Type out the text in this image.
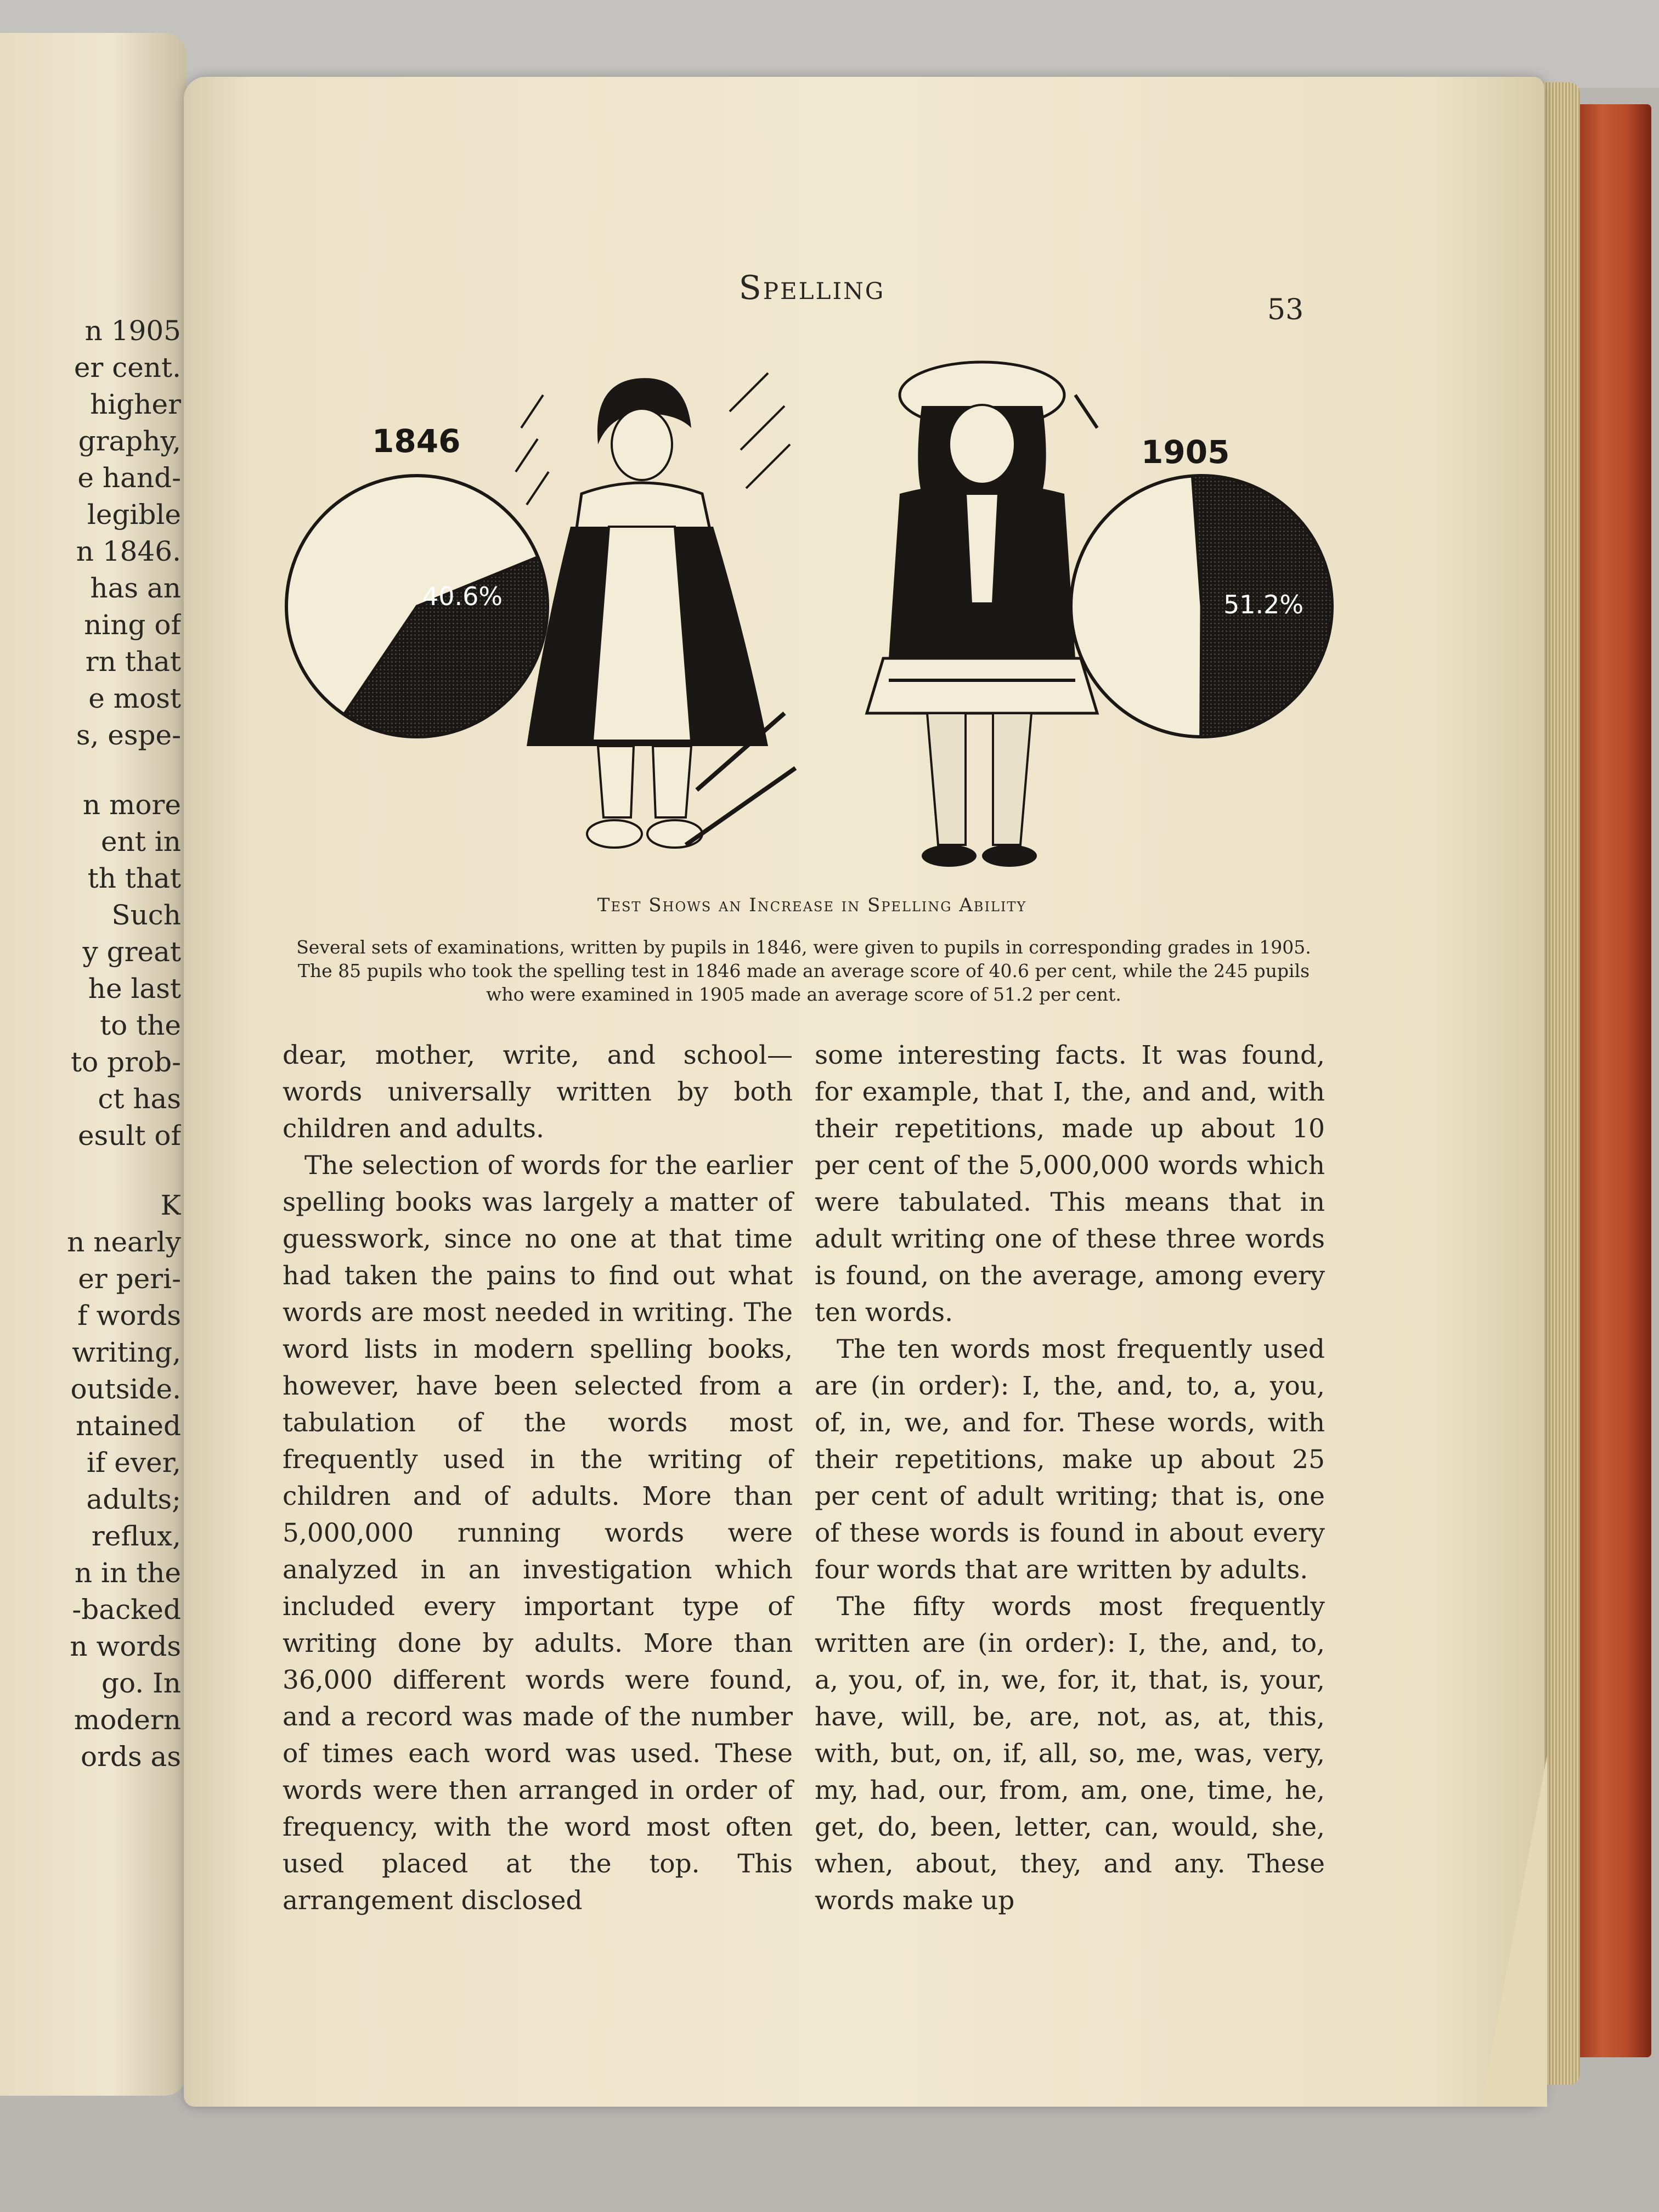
n 1905
er cent.
higher
graphy,
e hand-
legible
n 1846.
has an
ning of
rn that
e most
s, espe-
n more
ent in
th that
Such
y great
he last
to the
to prob-
ct has
esult of
K
n nearly
er peri-
f words
writing,
outside.
ntained
if ever,
adults;
reflux,
n in the
-backed
n words
go. In
modern
ords as
Spelling
53
1846
40.6%
1905
51.2%
Test Shows an Increase in Spelling Ability
Several sets of examinations, written by pupils in 1846, were given to pupils in corresponding grades in 1905. The 85 pupils who took the spelling test in 1846 made an average score of 40.6 per cent, while the 245 pupils who were examined in 1905 made an average score of 51.2 per cent.

dear, mother, write, and school—words universally written by both children and adults.

The selection of words for the earlier spelling books was largely a matter of guesswork, since no one at that time had taken the pains to find out what words are most needed in writing. The word lists in modern spelling books, however, have been selected from a tabulation of the words most frequently used in the writing of children and of adults. More than 5,000,000 running words were analyzed in an investigation which included every important type of writing done by adults. More than 36,000 different words were found, and a record was made of the number of times each word was used. These words were then arranged in order of frequency, with the word most often used placed at the top. This arrangement disclosed

some interesting facts. It was found, for example, that I, the, and and, with their repetitions, made up about 10 per cent of the 5,000,000 words which were tabulated. This means that in adult writing one of these three words is found, on the average, among every ten words.

The ten words most frequently used are (in order): I, the, and, to, a, you, of, in, we, and for. These words, with their repetitions, make up about 25 per cent of adult writing; that is, one of these words is found in about every four words that are written by adults.

The fifty words most frequently written are (in order): I, the, and, to, a, you, of, in, we, for, it, that, is, your, have, will, be, are, not, as, at, this, with, but, on, if, all, so, me, was, very, my, had, our, from, am, one, time, he, get, do, been, letter, can, would, she, when, about, they, and any. These words make up
